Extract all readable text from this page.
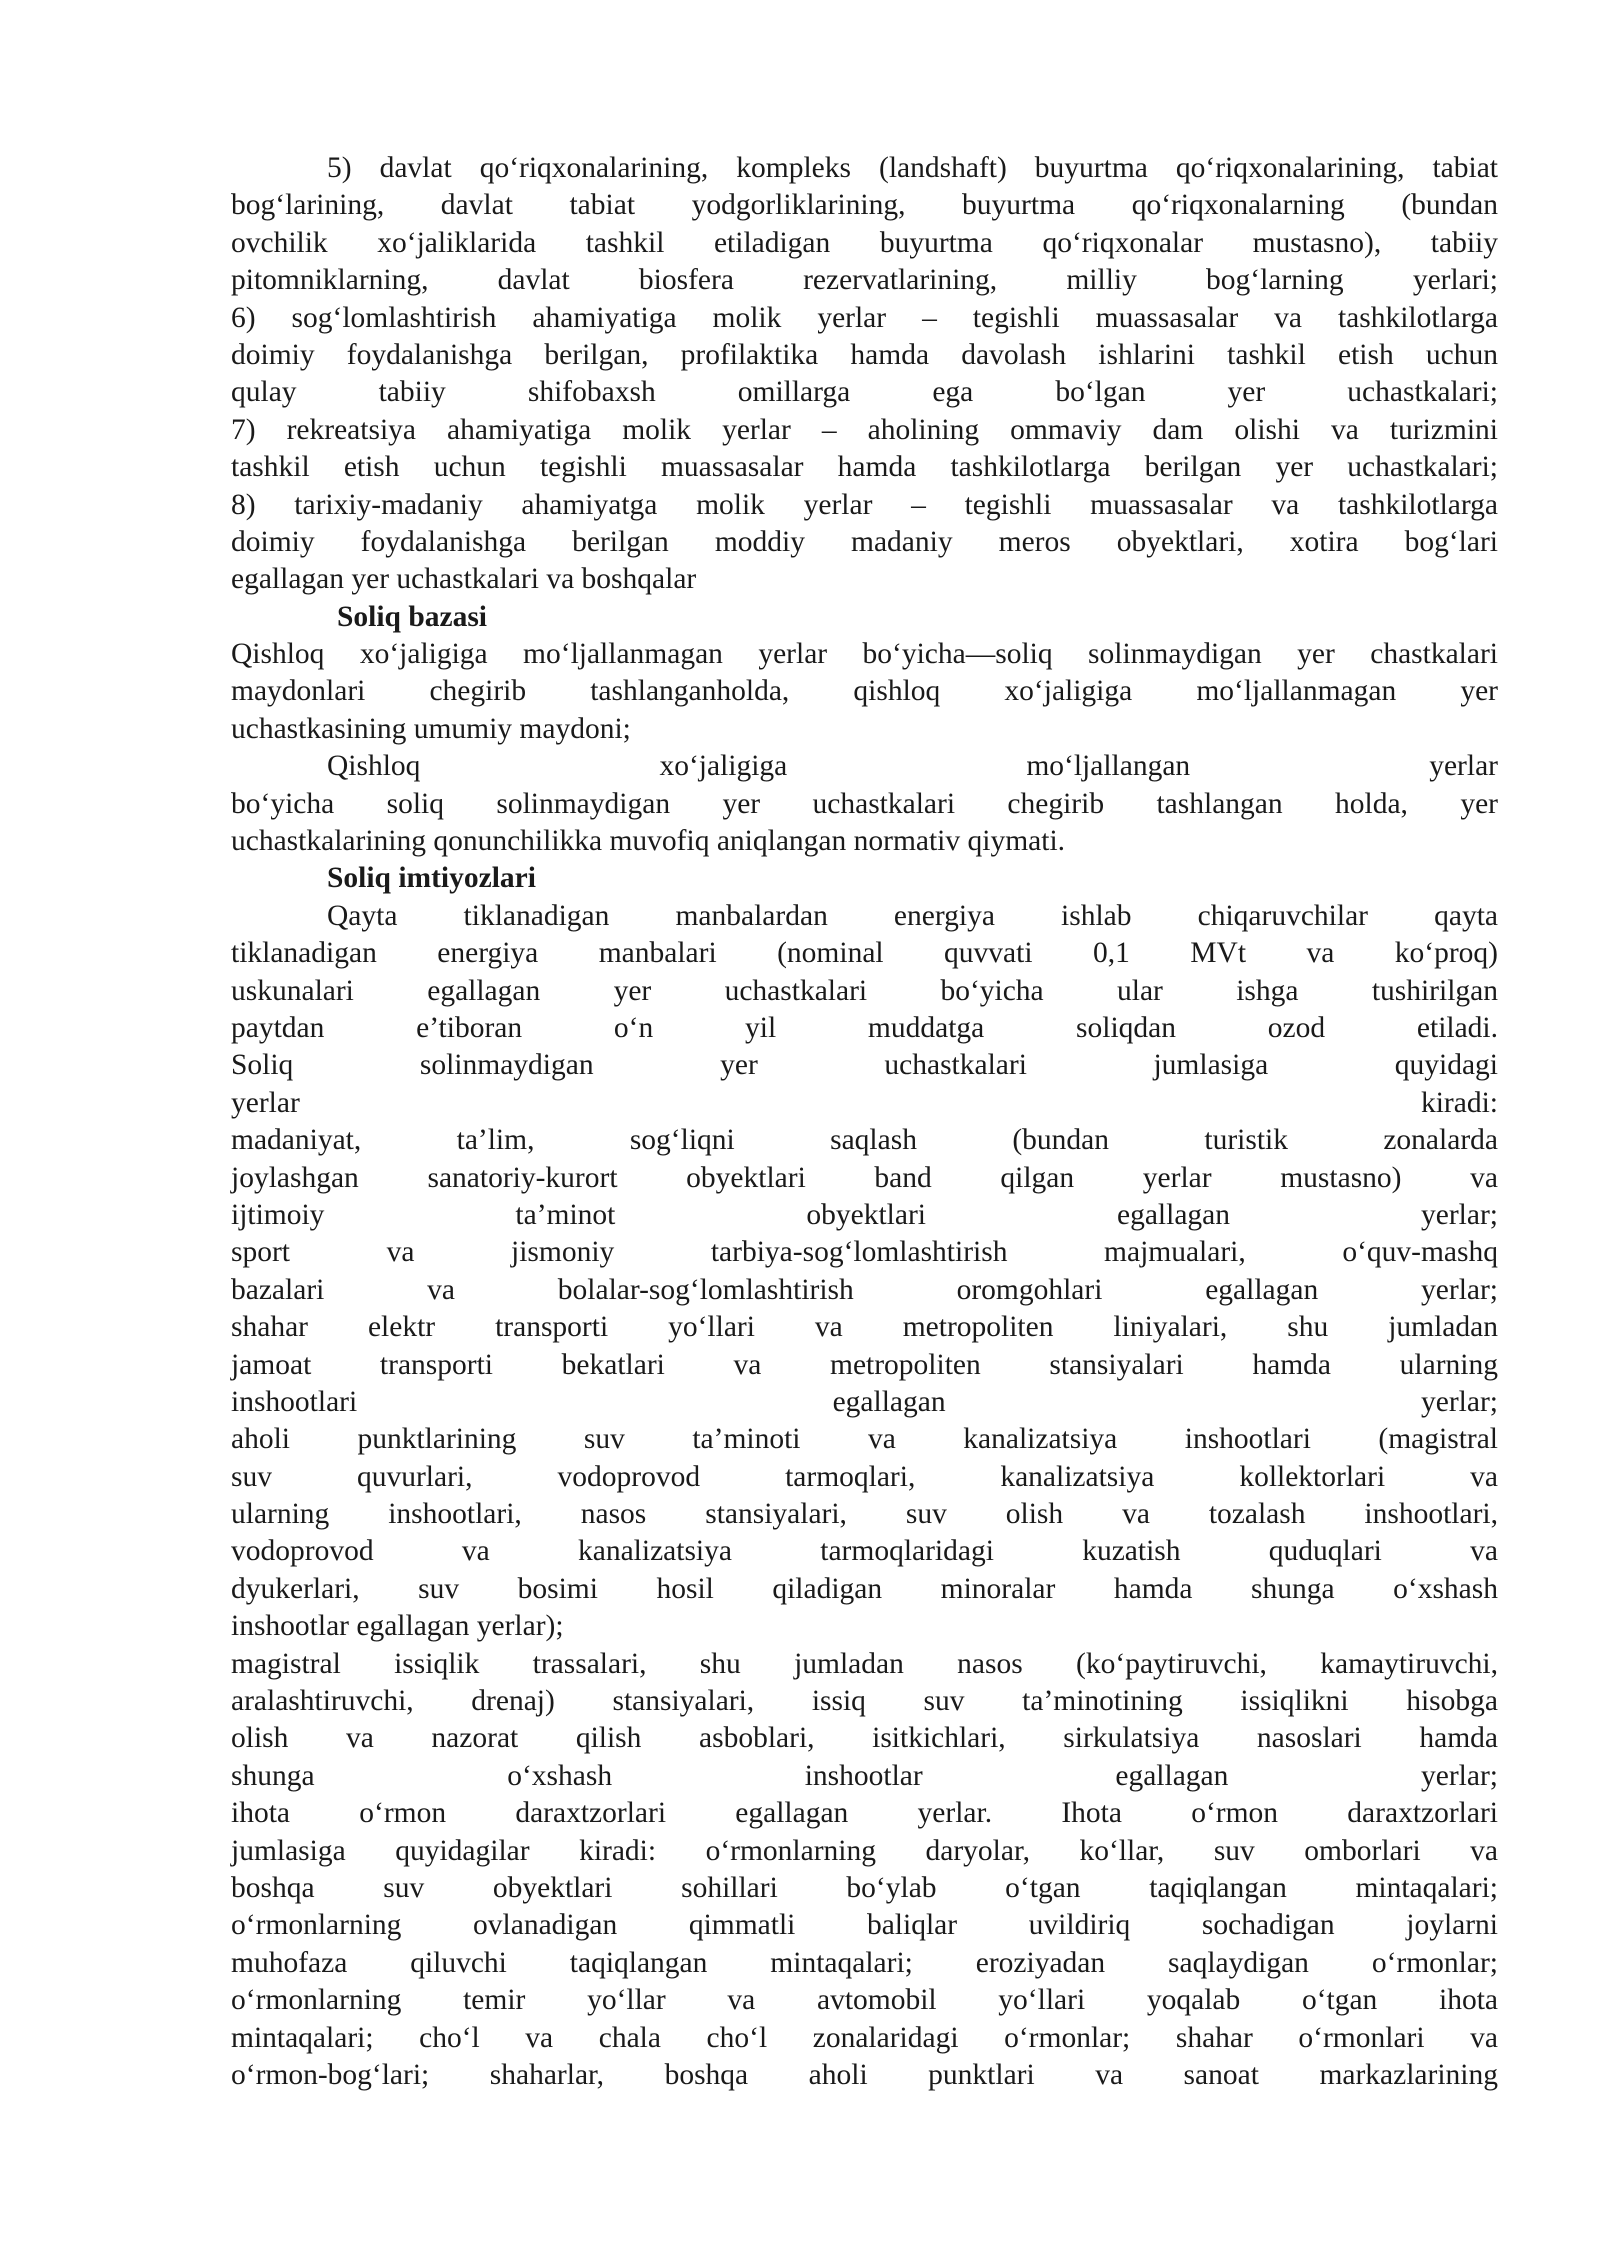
5) davlat qo‘riqxonalarining, kompleks (landshaft) buyurtma qo‘riqxonalarining, tabiat
bog‘larining, davlat tabiat yodgorliklarining, buyurtma qo‘riqxonalarning (bundan
ovchilik xo‘jaliklarida tashkil etiladigan buyurtma qo‘riqxonalar mustasno), tabiiy
pitomniklarning, davlat biosfera rezervatlarining, milliy bog‘larning yerlari;
6) sog‘lomlashtirish ahamiyatiga molik yerlar – tegishli muassasalar va tashkilotlarga
doimiy foydalanishga berilgan, profilaktika hamda davolash ishlarini tashkil etish uchun
qulay tabiiy shifobaxsh omillarga ega bo‘lgan yer uchastkalari;
7) rekreatsiya ahamiyatiga molik yerlar – aholining ommaviy dam olishi va turizmini
tashkil etish uchun tegishli muassasalar hamda tashkilotlarga berilgan yer uchastkalari;
8) tarixiy-madaniy ahamiyatga molik yerlar – tegishli muassasalar va tashkilotlarga
doimiy foydalanishga berilgan moddiy madaniy meros obyektlari, xotira bog‘lari
egallagan yer uchastkalari va boshqalar
Soliq bazasi
Qishloq xo‘jaligiga mo‘ljallanmagan yerlar bo‘yicha—soliq solinmaydigan yer chastkalari
maydonlari chegirib tashlanganholda, qishloq xo‘jaligiga mo‘ljallanmagan yer
uchastkasining umumiy maydoni;
Qishloq xo‘jaligiga mo‘ljallangan yerlar
bo‘yicha soliq solinmaydigan yer uchastkalari chegirib tashlangan holda, yer
uchastkalarining qonunchilikka muvofiq aniqlangan normativ qiymati.
Soliq imtiyozlari
Qayta tiklanadigan manbalardan energiya ishlab chiqaruvchilar qayta
tiklanadigan energiya manbalari (nominal quvvati 0,1 MVt va ko‘proq)
uskunalari egallagan yer uchastkalari bo‘yicha ular ishga tushirilgan
paytdan e’tiboran o‘n yil muddatga soliqdan ozod etiladi.
Soliq solinmaydigan yer uchastkalari jumlasiga quyidagi
yerlar kiradi:
madaniyat, ta’lim, sog‘liqni saqlash (bundan turistik zonalarda
joylashgan sanatoriy-kurort obyektlari band qilgan yerlar mustasno) va
ijtimoiy ta’minot obyektlari egallagan yerlar;
sport va jismoniy tarbiya-sog‘lomlashtirish majmualari, o‘quv-mashq
bazalari va bolalar-sog‘lomlashtirish oromgohlari egallagan yerlar;
shahar elektr transporti yo‘llari va metropoliten liniyalari, shu jumladan
jamoat transporti bekatlari va metropoliten stansiyalari hamda ularning
inshootlari egallagan yerlar;
aholi punktlarining suv ta’minoti va kanalizatsiya inshootlari (magistral
suv quvurlari, vodoprovod tarmoqlari, kanalizatsiya kollektorlari va
ularning inshootlari, nasos stansiyalari, suv olish va tozalash inshootlari,
vodoprovod va kanalizatsiya tarmoqlaridagi kuzatish quduqlari va
dyukerlari, suv bosimi hosil qiladigan minoralar hamda shunga o‘xshash
inshootlar egallagan yerlar);
magistral issiqlik trassalari, shu jumladan nasos (ko‘paytiruvchi, kamaytiruvchi,
aralashtiruvchi, drenaj) stansiyalari, issiq suv ta’minotining issiqlikni hisobga
olish va nazorat qilish asboblari, isitkichlari, sirkulatsiya nasoslari hamda
shunga o‘xshash inshootlar egallagan yerlar;
ihota o‘rmon daraxtzorlari egallagan yerlar. Ihota o‘rmon daraxtzorlari
jumlasiga quyidagilar kiradi: o‘rmonlarning daryolar, ko‘llar, suv omborlari va
boshqa suv obyektlari sohillari bo‘ylab o‘tgan taqiqlangan mintaqalari;
o‘rmonlarning ovlanadigan qimmatli baliqlar uvildiriq sochadigan joylarni
muhofaza qiluvchi taqiqlangan mintaqalari; eroziyadan saqlaydigan o‘rmonlar;
o‘rmonlarning temir yo‘llar va avtomobil yo‘llari yoqalab o‘tgan ihota
mintaqalari; cho‘l va chala cho‘l zonalaridagi o‘rmonlar; shahar o‘rmonlari va
o‘rmon-bog‘lari; shaharlar, boshqa aholi punktlari va sanoat markazlarining
